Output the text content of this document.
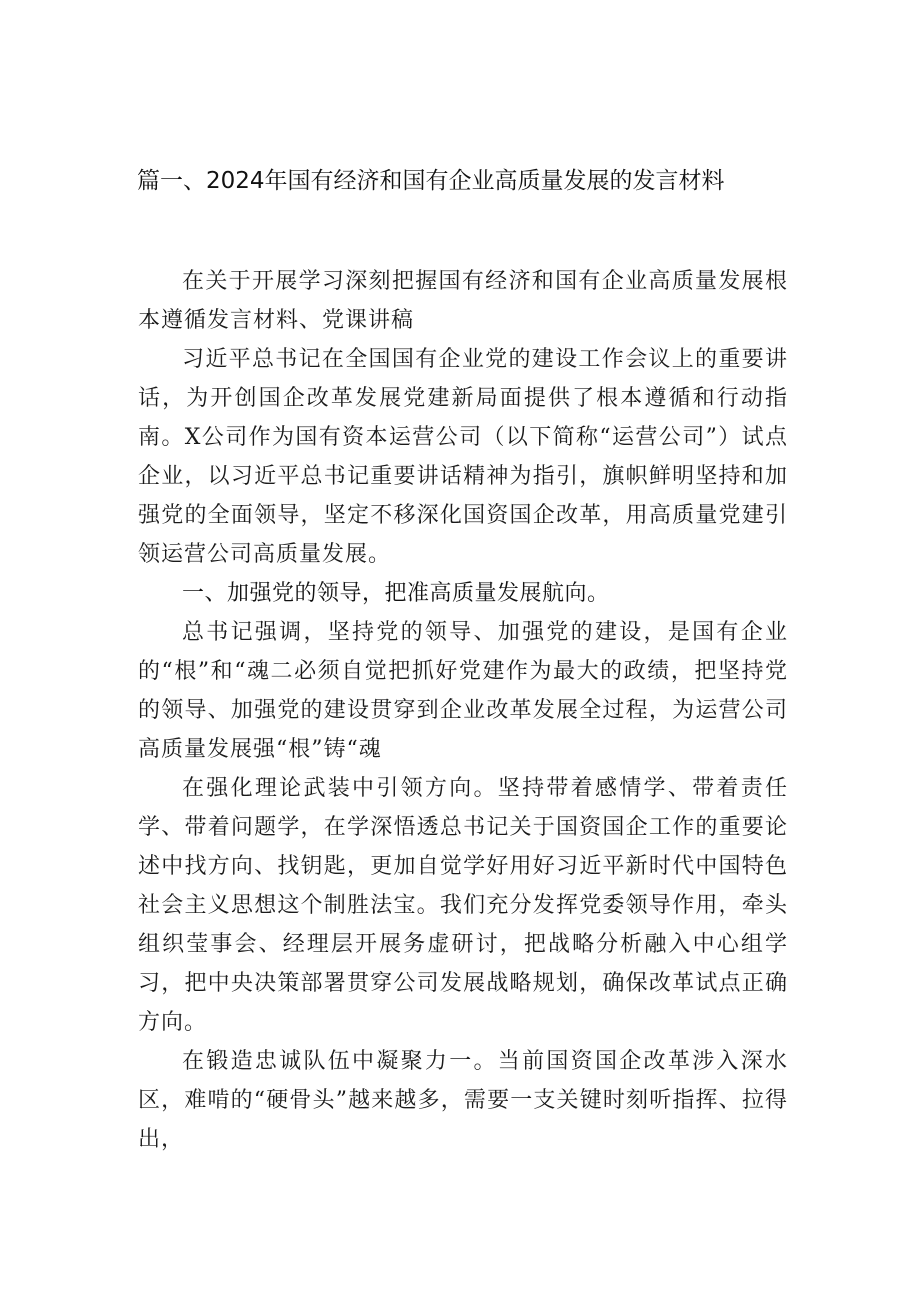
篇一、2024年国有经济和国有企业高质量发展的发言材料

在关于开展学习深刻把握国有经济和国有企业高质量发展根本遵循发言材料、党课讲稿

习近平总书记在全国国有企业党的建设工作会议上的重要讲话，为开创国企改革发展党建新局面提供了根本遵循和行动指南。X公司作为国有资本运营公司（以下简称“运营公司”）试点企业，以习近平总书记重要讲话精神为指引，旗帜鲜明坚持和加强党的全面领导，坚定不移深化国资国企改革，用高质量党建引领运营公司高质量发展。

一、加强党的领导，把准高质量发展航向。

总书记强调，坚持党的领导、加强党的建设，是国有企业的“根”和“魂二必须自觉把抓好党建作为最大的政绩，把坚持党的领导、加强党的建设贯穿到企业改革发展全过程，为运营公司高质量发展强“根”铸“魂

在强化理论武装中引领方向。坚持带着感情学、带着责任学、带着问题学，在学深悟透总书记关于国资国企工作的重要论述中找方向、找钥匙，更加自觉学好用好习近平新时代中国特色社会主义思想这个制胜法宝。我们充分发挥党委领导作用，牵头组织莹事会、经理层开展务虚研讨，把战略分析融入中心组学习，把中央决策部署贯穿公司发展战略规划，确保改革试点正确方向。

在锻造忠诚队伍中凝聚力一。当前国资国企改革涉入深水区，难啃的“硬骨头”越来越多，需要一支关键时刻听指挥、拉得出，
